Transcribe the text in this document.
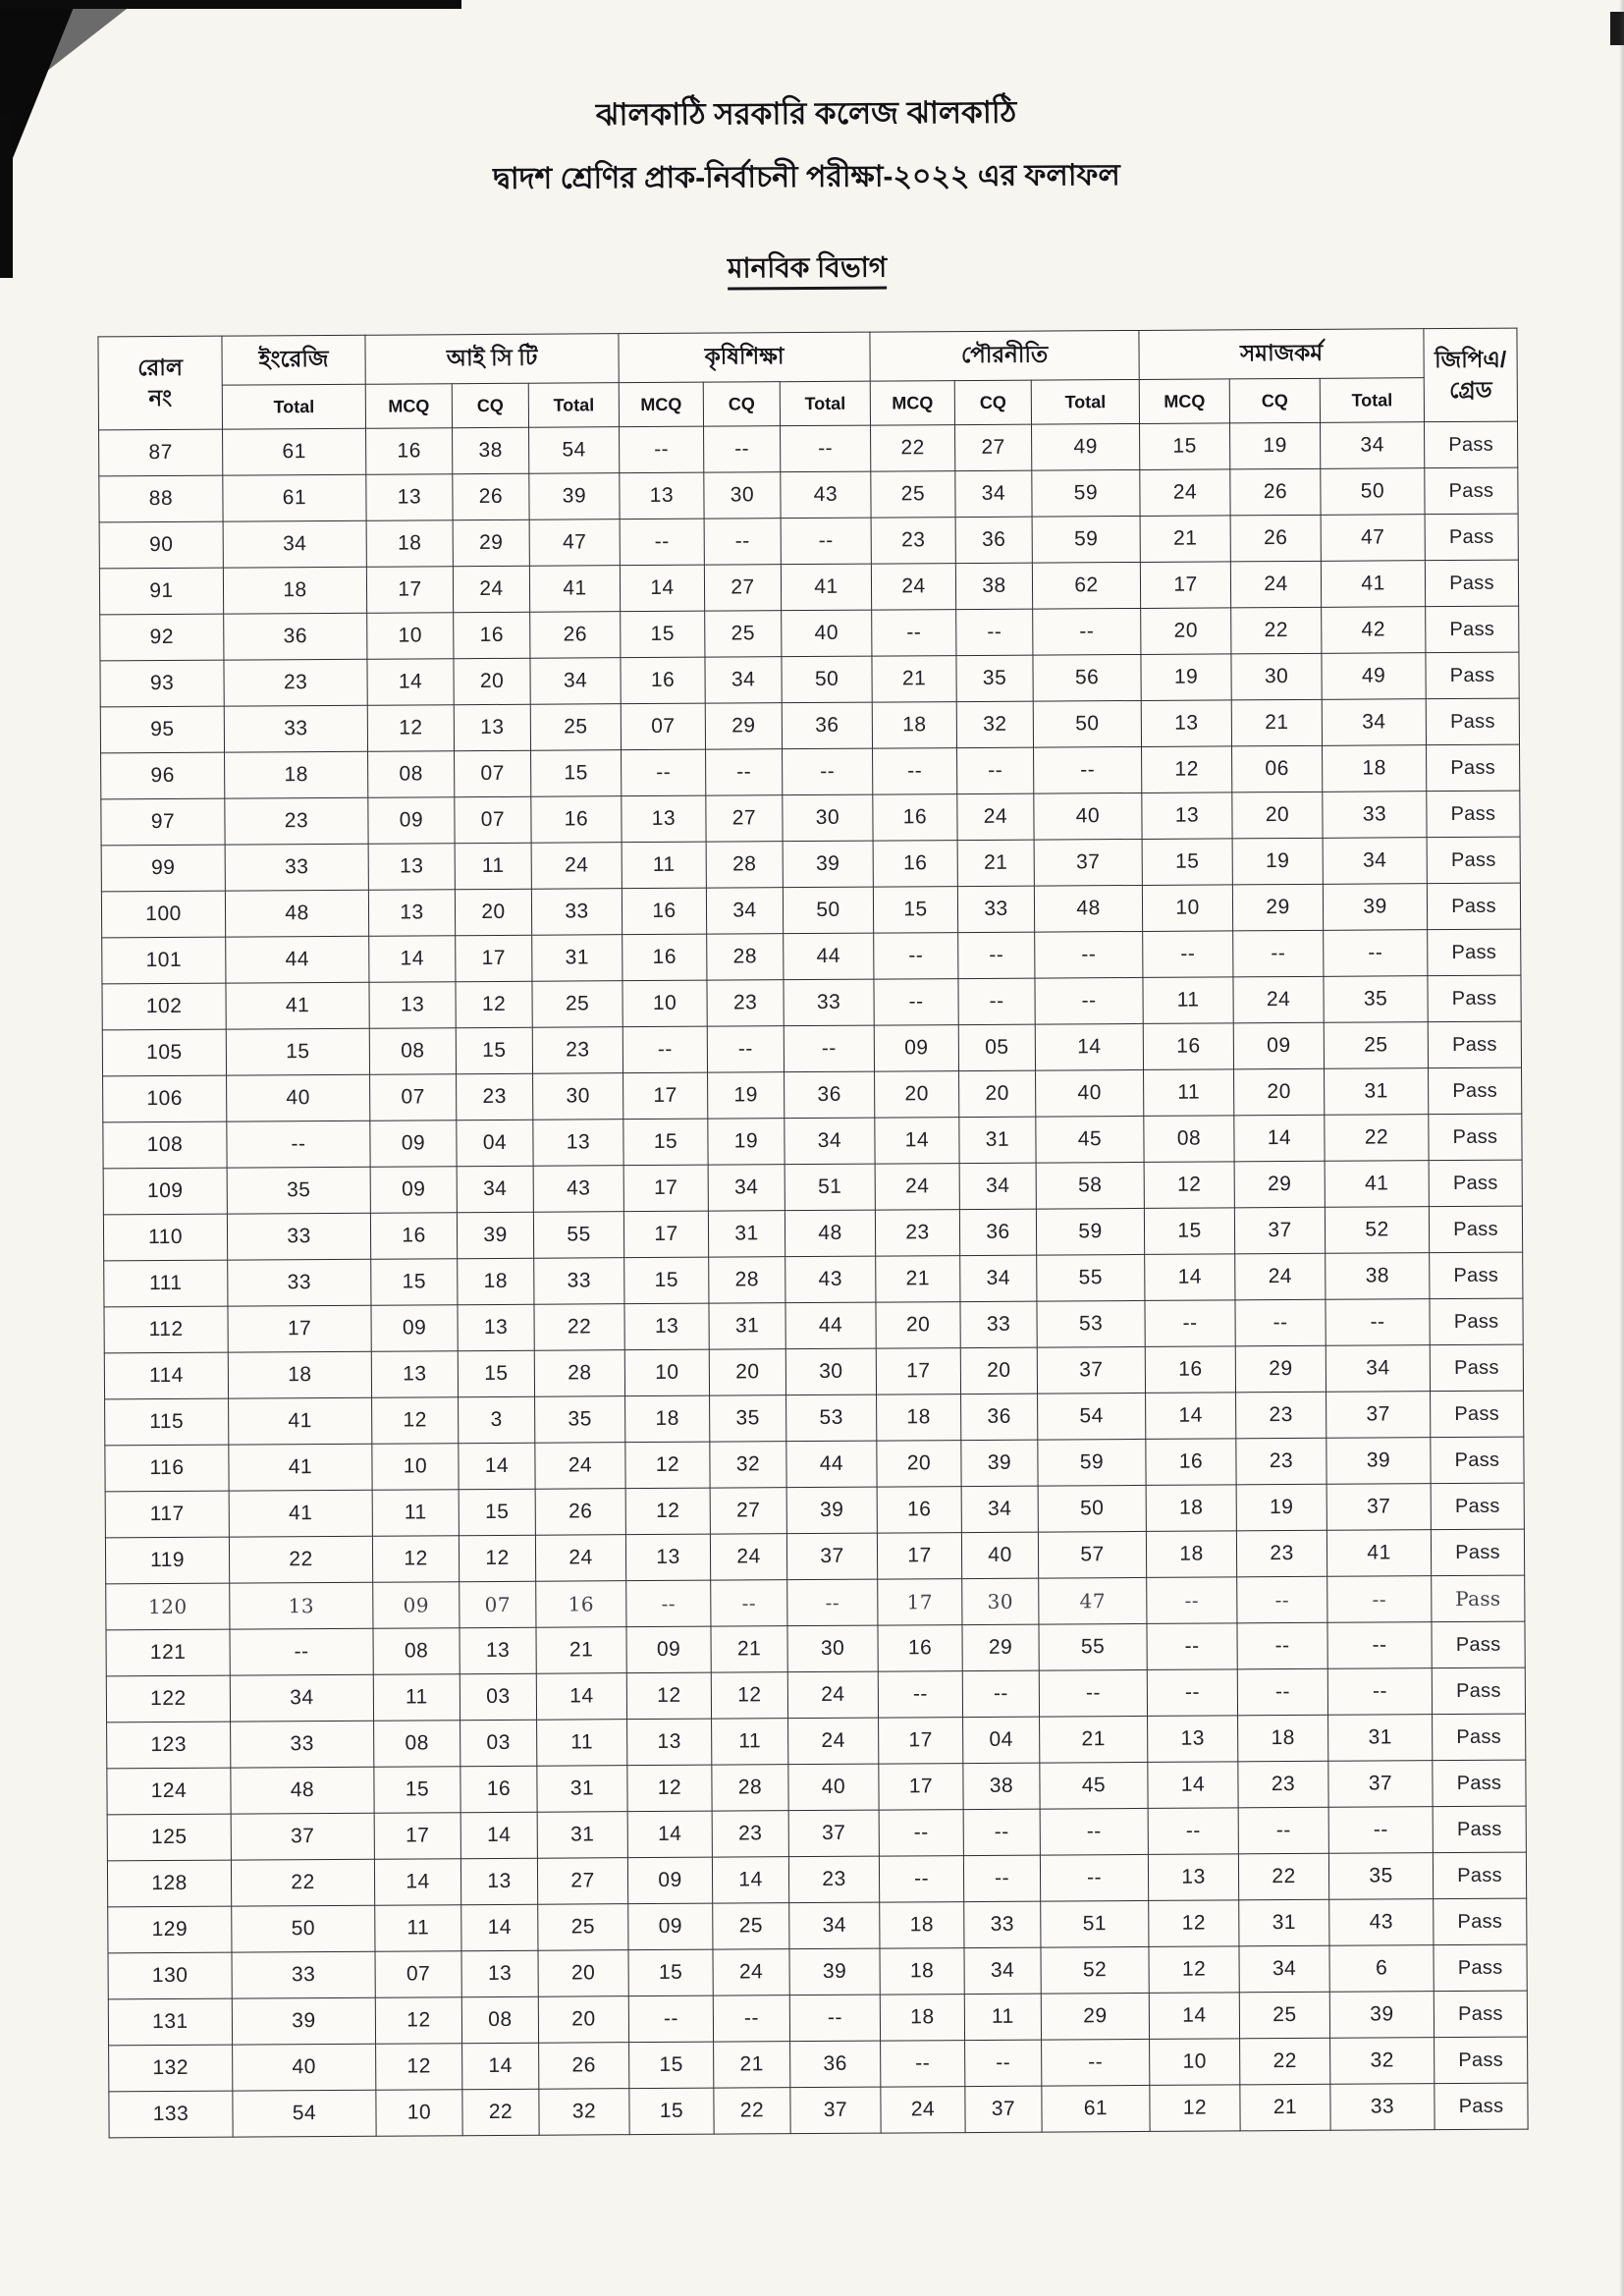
ঝালকাঠি সরকারি কলেজ ঝালকাঠি
দ্বাদশ শ্রেণির প্রাক-নির্বাচনী পরীক্ষা-২০২২ এর ফলাফল
মানবিক বিভাগ
রোল
নং
	ইংরেজি	আই সি টি	কৃষিশিক্ষা	পৌরনীতি	সমাজকর্ম	জিপিএ/
গ্রেড

	Total	MCQ	CQ	Total	MCQ	CQ	Total	MCQ	CQ	Total	MCQ	CQ	Total	
87	61	16	38	54	--	--	--	22	27	49	15	19	34	Pass
88	61	13	26	39	13	30	43	25	34	59	24	26	50	Pass
90	34	18	29	47	--	--	--	23	36	59	21	26	47	Pass
91	18	17	24	41	14	27	41	24	38	62	17	24	41	Pass
92	36	10	16	26	15	25	40	--	--	--	20	22	42	Pass
93	23	14	20	34	16	34	50	21	35	56	19	30	49	Pass
95	33	12	13	25	07	29	36	18	32	50	13	21	34	Pass
96	18	08	07	15	--	--	--	--	--	--	12	06	18	Pass
97	23	09	07	16	13	27	30	16	24	40	13	20	33	Pass
99	33	13	11	24	11	28	39	16	21	37	15	19	34	Pass
100	48	13	20	33	16	34	50	15	33	48	10	29	39	Pass
101	44	14	17	31	16	28	44	--	--	--	--	--	--	Pass
102	41	13	12	25	10	23	33	--	--	--	11	24	35	Pass
105	15	08	15	23	--	--	--	09	05	14	16	09	25	Pass
106	40	07	23	30	17	19	36	20	20	40	11	20	31	Pass
108	--	09	04	13	15	19	34	14	31	45	08	14	22	Pass
109	35	09	34	43	17	34	51	24	34	58	12	29	41	Pass
110	33	16	39	55	17	31	48	23	36	59	15	37	52	Pass
111	33	15	18	33	15	28	43	21	34	55	14	24	38	Pass
112	17	09	13	22	13	31	44	20	33	53	--	--	--	Pass
114	18	13	15	28	10	20	30	17	20	37	16	29	34	Pass
115	41	12	3	35	18	35	53	18	36	54	14	23	37	Pass
116	41	10	14	24	12	32	44	20	39	59	16	23	39	Pass
117	41	11	15	26	12	27	39	16	34	50	18	19	37	Pass
119	22	12	12	24	13	24	37	17	40	57	18	23	41	Pass
120	13	09	07	16	--	--	--	17	30	47	--	--	--	Pass
121	--	08	13	21	09	21	30	16	29	55	--	--	--	Pass
122	34	11	03	14	12	12	24	--	--	--	--	--	--	Pass
123	33	08	03	11	13	11	24	17	04	21	13	18	31	Pass
124	48	15	16	31	12	28	40	17	38	45	14	23	37	Pass
125	37	17	14	31	14	23	37	--	--	--	--	--	--	Pass
128	22	14	13	27	09	14	23	--	--	--	13	22	35	Pass
129	50	11	14	25	09	25	34	18	33	51	12	31	43	Pass
130	33	07	13	20	15	24	39	18	34	52	12	34	6	Pass
131	39	12	08	20	--	--	--	18	11	29	14	25	39	Pass
132	40	12	14	26	15	21	36	--	--	--	10	22	32	Pass
133	54	10	22	32	15	22	37	24	37	61	12	21	33	Pass
